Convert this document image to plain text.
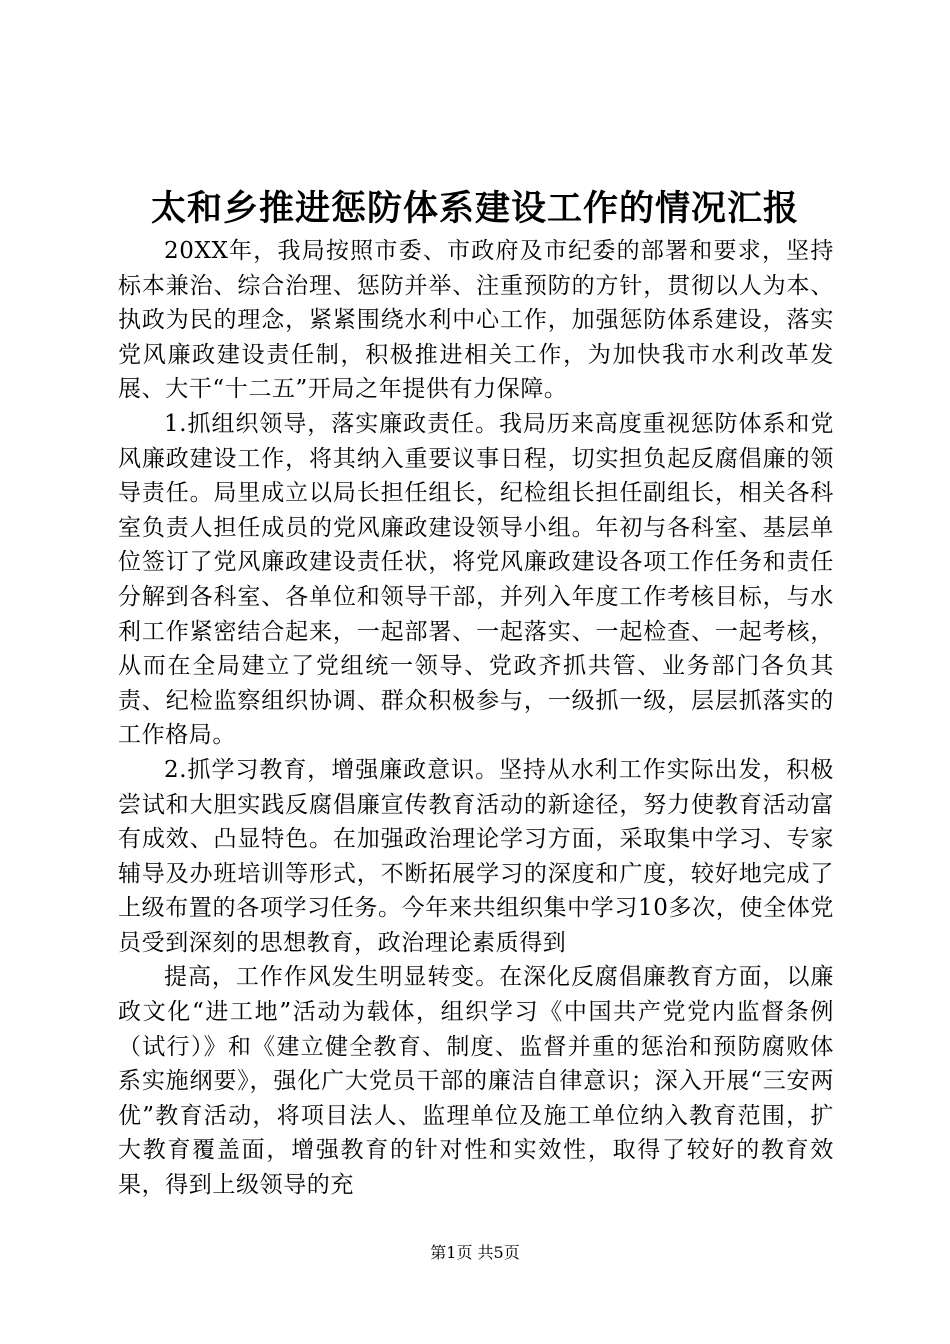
太和乡推进惩防体系建设工作的情况汇报

20XX年，我局按照市委、市政府及市纪委的部署和要求，坚持标本兼治、综合治理、惩防并举、注重预防的方针，贯彻以人为本、执政为民的理念，紧紧围绕水利中心工作，加强惩防体系建设，落实党风廉政建设责任制，积极推进相关工作，为加快我市水利改革发展、大干“十二五”开局之年提供有力保障。

1.抓组织领导，落实廉政责任。我局历来高度重视惩防体系和党风廉政建设工作，将其纳入重要议事日程，切实担负起反腐倡廉的领导责任。局里成立以局长担任组长，纪检组长担任副组长，相关各科室负责人担任成员的党风廉政建设领导小组。年初与各科室、基层单位签订了党风廉政建设责任状，将党风廉政建设各项工作任务和责任分解到各科室、各单位和领导干部，并列入年度工作考核目标，与水利工作紧密结合起来，一起部署、一起落实、一起检查、一起考核，从而在全局建立了党组统一领导、党政齐抓共管、业务部门各负其责、纪检监察组织协调、群众积极参与，一级抓一级，层层抓落实的工作格局。

2.抓学习教育，增强廉政意识。坚持从水利工作实际出发，积极尝试和大胆实践反腐倡廉宣传教育活动的新途径，努力使教育活动富有成效、凸显特色。在加强政治理论学习方面，采取集中学习、专家辅导及办班培训等形式，不断拓展学习的深度和广度，较好地完成了上级布置的各项学习任务。今年来共组织集中学习10多次，使全体党员受到深刻的思想教育，政治理论素质得到

提高，工作作风发生明显转变。在深化反腐倡廉教育方面，以廉政文化“进工地”活动为载体，组织学习《中国共产党党内监督条例（试行）》和《建立健全教育、制度、监督并重的惩治和预防腐败体系实施纲要》，强化广大党员干部的廉洁自律意识；深入开展“三安两优”教育活动，将项目法人、监理单位及施工单位纳入教育范围，扩大教育覆盖面，增强教育的针对性和实效性，取得了较好的教育效果，得到上级领导的充

第1页 共5页
